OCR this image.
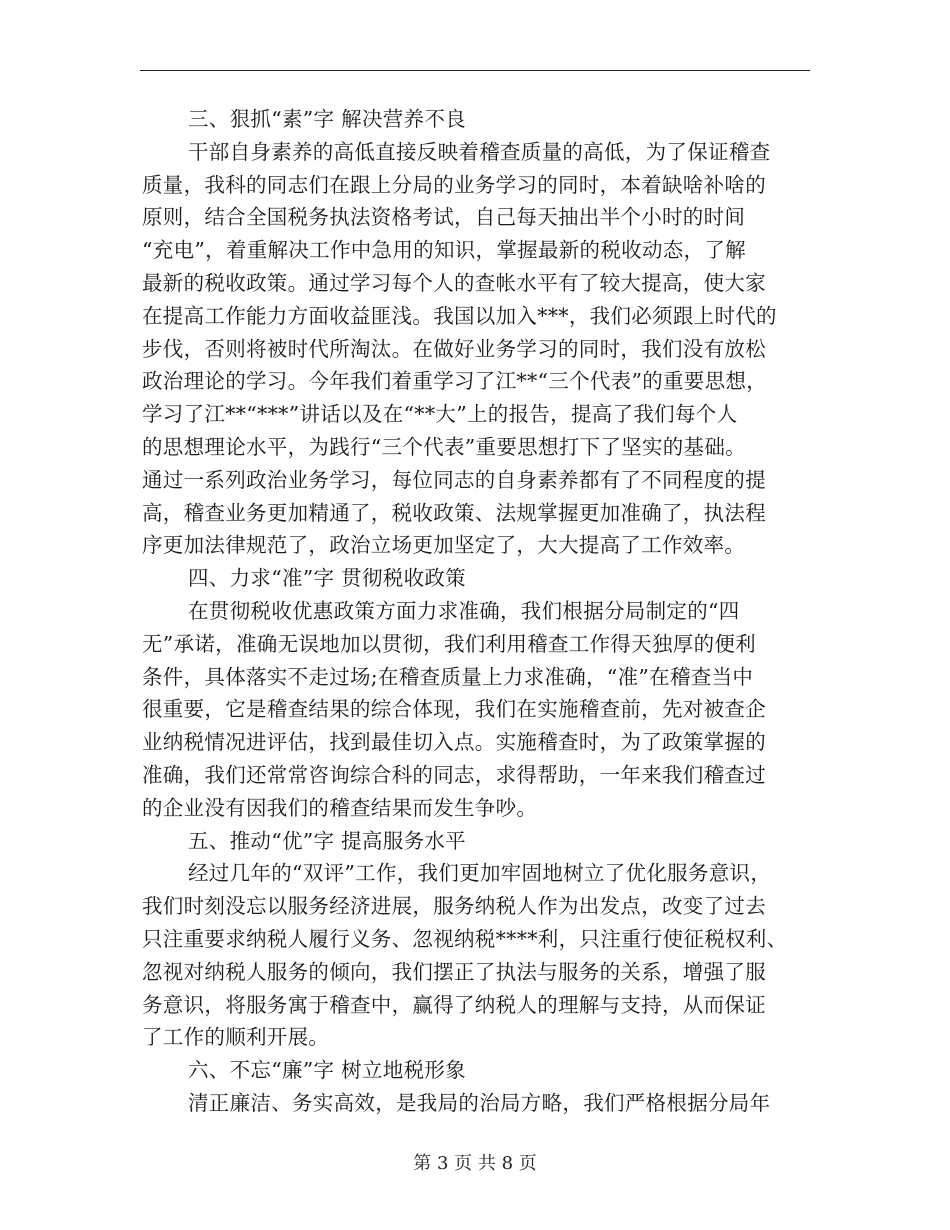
三、狠抓“素”字 解决营养不良
干部自身素养的高低直接反映着稽查质量的高低，为了保证稽查
质量，我科的同志们在跟上分局的业务学习的同时，本着缺啥补啥的
原则，结合全国税务执法资格考试，自己每天抽出半个小时的时间
“充电”，着重解决工作中急用的知识，掌握最新的税收动态，了解
最新的税收政策。通过学习每个人的查帐水平有了较大提高，使大家
在提高工作能力方面收益匪浅。我国以加入***，我们必须跟上时代的
步伐，否则将被时代所淘汰。在做好业务学习的同时，我们没有放松
政治理论的学习。今年我们着重学习了江**“三个代表”的重要思想，
学习了江**“***”讲话以及在“**大”上的报告，提高了我们每个人
的思想理论水平，为践行“三个代表”重要思想打下了坚实的基础。
通过一系列政治业务学习，每位同志的自身素养都有了不同程度的提
高，稽查业务更加精通了，税收政策、法规掌握更加准确了，执法程
序更加法律规范了，政治立场更加坚定了，大大提高了工作效率。
四、力求“准”字 贯彻税收政策
在贯彻税收优惠政策方面力求准确，我们根据分局制定的“四
无”承诺，准确无误地加以贯彻，我们利用稽查工作得天独厚的便利
条件，具体落实不走过场;在稽查质量上力求准确，“准”在稽查当中
很重要，它是稽查结果的综合体现，我们在实施稽查前，先对被查企
业纳税情况进评估，找到最佳切入点。实施稽查时，为了政策掌握的
准确，我们还常常咨询综合科的同志，求得帮助，一年来我们稽查过
的企业没有因我们的稽查结果而发生争吵。
五、推动“优”字 提高服务水平
经过几年的“双评”工作，我们更加牢固地树立了优化服务意识，
我们时刻没忘以服务经济进展，服务纳税人作为出发点，改变了过去
只注重要求纳税人履行义务、忽视纳税****利，只注重行使征税权利、
忽视对纳税人服务的倾向，我们摆正了执法与服务的关系，增强了服
务意识，将服务寓于稽查中，赢得了纳税人的理解与支持，从而保证
了工作的顺利开展。
六、不忘“廉”字 树立地税形象
清正廉洁、务实高效，是我局的治局方略，我们严格根据分局年
第 3 页 共 8 页
